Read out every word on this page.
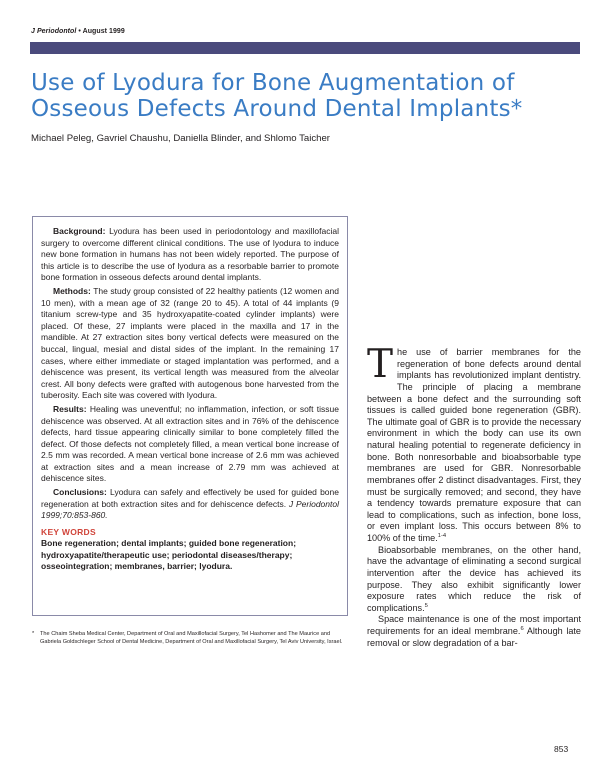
J Periodontol • August 1999
Use of Lyodura for Bone Augmentation of Osseous Defects Around Dental Implants*
Michael Peleg, Gavriel Chaushu, Daniella Blinder, and Shlomo Taicher

Background: Lyodura has been used in periodontology and maxillofacial surgery to overcome different clinical conditions. The use of lyodura to induce new bone formation in humans has not been widely reported. The purpose of this article is to describe the use of lyodura as a resorbable barrier to promote bone formation in osseous defects around dental implants.

Methods: The study group consisted of 22 healthy patients (12 women and 10 men), with a mean age of 32 (range 20 to 45). A total of 44 implants (9 titanium screw-type and 35 hydroxyapatite-coated cylinder implants) were placed. Of these, 27 implants were placed in the maxilla and 17 in the mandible. At 27 extraction sites bony vertical defects were measured on the buccal, lingual, mesial and distal sides of the implant. In the remaining 17 cases, where either immediate or staged implantation was performed, and a dehiscence was present, its vertical length was measured from the alveolar crest. All bony defects were grafted with autogenous bone harvested from the tuberosity. Each site was covered with lyodura.

Results: Healing was uneventful; no inflammation, infection, or soft tissue dehiscence was observed. At all extraction sites and in 76% of the dehiscence defects, hard tissue appearing clinically similar to bone completely filled the defect. Of those defects not completely filled, a mean vertical bone increase of 2.5 mm was recorded. A mean vertical bone increase of 2.6 mm was achieved at extraction sites and a mean increase of 2.79 mm was achieved at dehiscence sites.

Conclusions: Lyodura can safely and effectively be used for guided bone regeneration at both extraction sites and for dehiscence defects. J Periodontol 1999;70:853-860.

KEY WORDS

Bone regeneration; dental implants; guided bone regeneration; hydroxyapatite/therapeutic use; periodontal diseases/therapy; osseointegration; membranes, barrier; lyodura.

* The Chaim Sheba Medical Center, Department of Oral and Maxillofacial Surgery, Tel Hashomer and The Maurice and Gabriela Goldschleger School of Dental Medicine, Department of Oral and Maxillofacial Surgery, Tel Aviv University, Israel.

The use of barrier membranes for the regeneration of bone defects around dental implants has revolutionized implant dentistry. The principle of placing a membrane between a bone defect and the surrounding soft tissues is called guided bone regeneration (GBR). The ultimate goal of GBR is to provide the necessary environment in which the body can use its own natural healing potential to regenerate deficiency in bone. Both nonresorbable and bioabsorbable type membranes are used for GBR. Nonresorbable membranes offer 2 distinct disadvantages. First, they must be surgically removed; and second, they have a tendency towards premature exposure that can lead to complications, such as infection, bone loss, or even implant loss. This occurs between 8% to 100% of the time.$^{1-4}$

Bioabsorbable membranes, on the other hand, have the advantage of eliminating a second surgical intervention after the device has achieved its purpose. They also exhibit significantly lower exposure rates which reduce the risk of complications.$^5$

Space maintenance is one of the most important requirements for an ideal membrane.$^6$ Although late removal or slow degradation of a bar-

853
